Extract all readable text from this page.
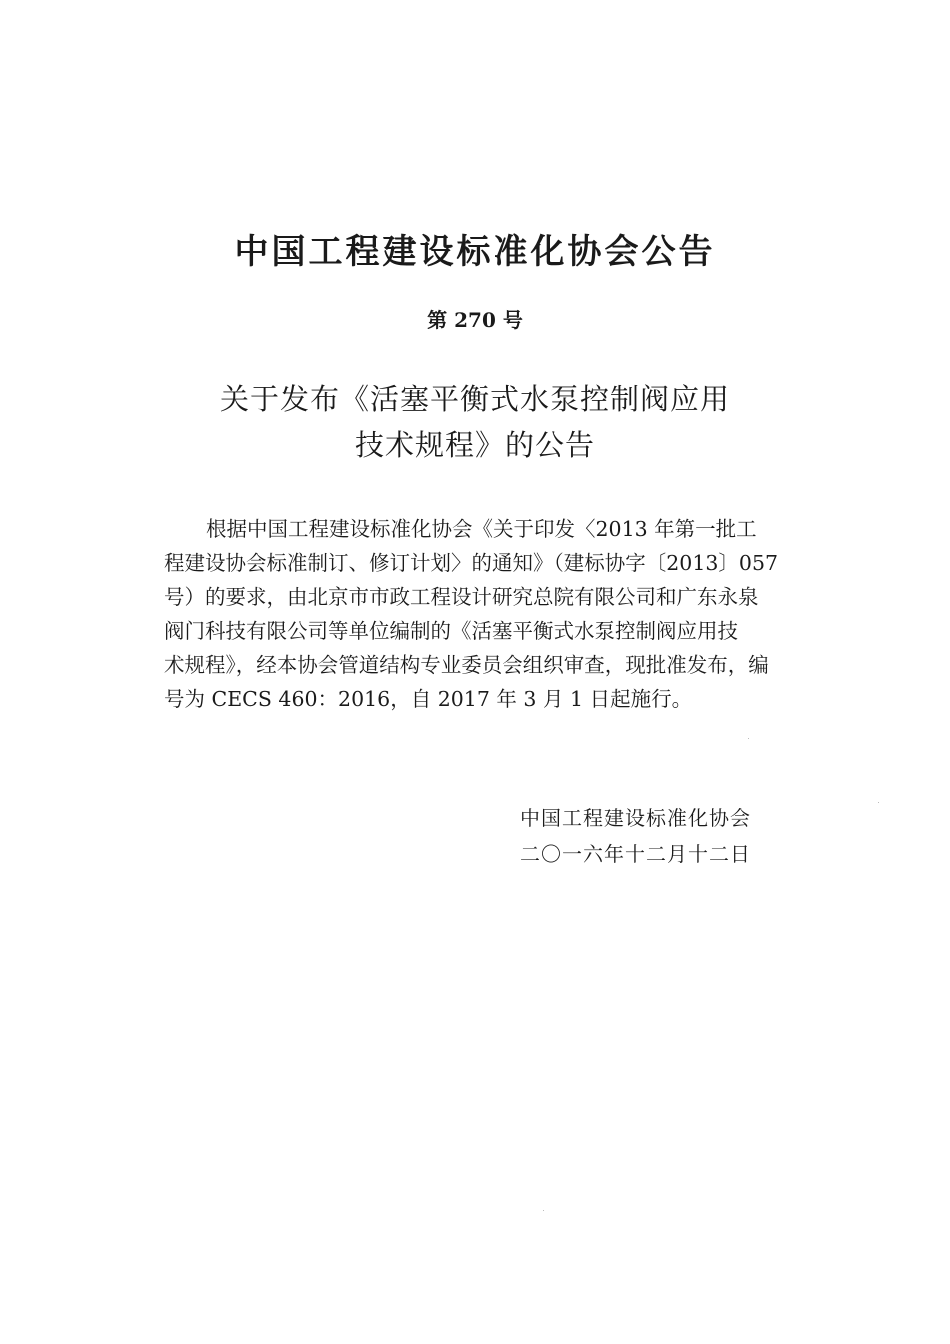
中国工程建设标准化协会公告
第 270 号
关于发布《活塞平衡式水泵控制阀应用
技术规程》的公告
根据中国工程建设标准化协会《关于印发〈2013 年第一批工
程建设协会标准制订、修订计划〉的通知》（建标协字〔2013〕057
号）的要求，由北京市市政工程设计研究总院有限公司和广东永泉
阀门科技有限公司等单位编制的《活塞平衡式水泵控制阀应用技
术规程》，经本协会管道结构专业委员会组织审查，现批准发布，编
号为 CECS 460：2016，自 2017 年 3 月 1 日起施行。
中国工程建设标准化协会
二〇一六年十二月十二日
